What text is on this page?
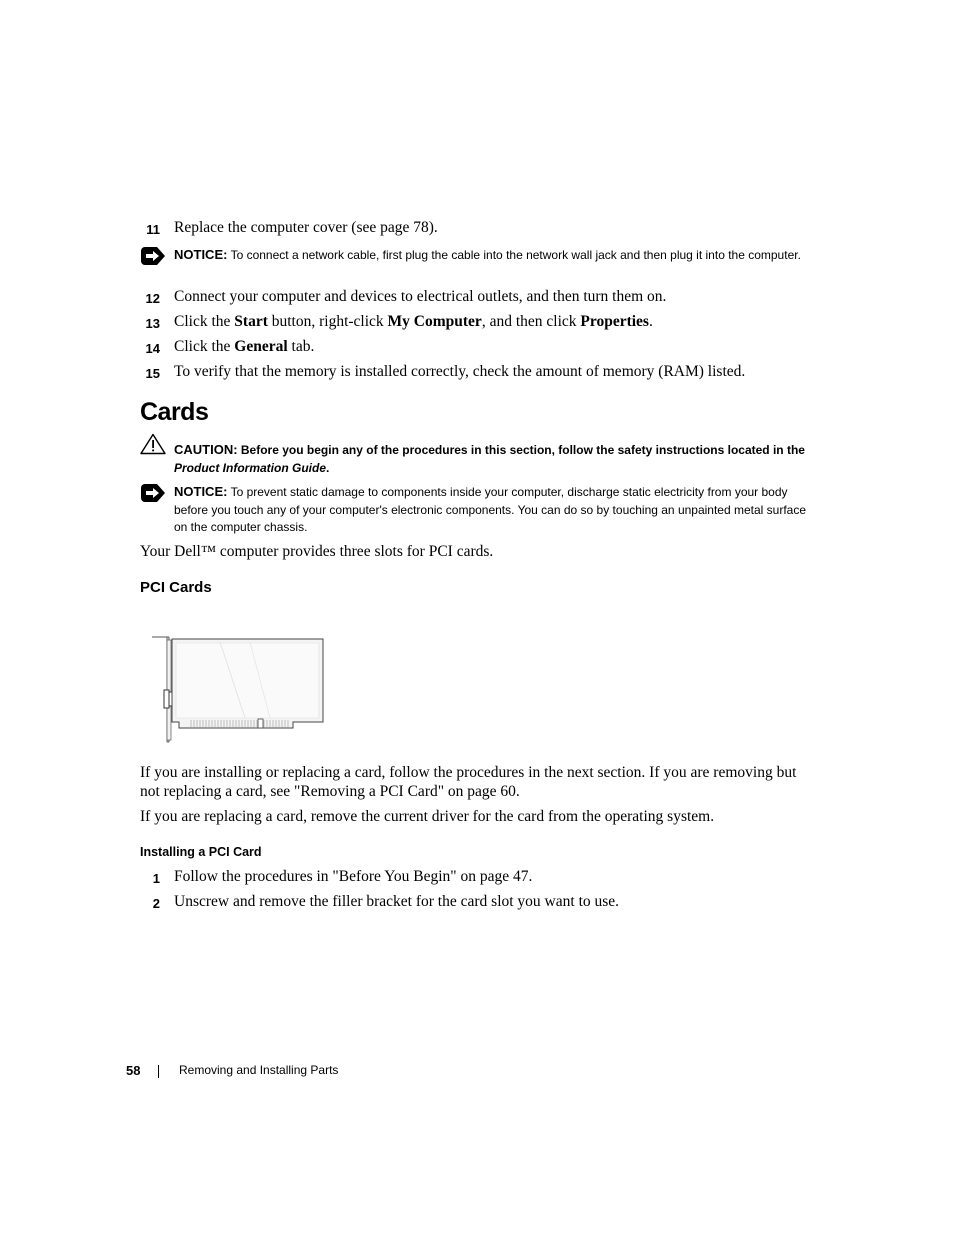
11 Replace the computer cover (see page 78).
NOTICE: To connect a network cable, first plug the cable into the network wall jack and then plug it into the computer.
12 Connect your computer and devices to electrical outlets, and then turn them on.
13 Click the Start button, right-click My Computer, and then click Properties.
14 Click the General tab.
15 To verify that the memory is installed correctly, check the amount of memory (RAM) listed.
Cards
CAUTION: Before you begin any of the procedures in this section, follow the safety instructions located in the Product Information Guide.
NOTICE: To prevent static damage to components inside your computer, discharge static electricity from your body before you touch any of your computer's electronic components. You can do so by touching an unpainted metal surface on the computer chassis.
Your Dell™ computer provides three slots for PCI cards.
PCI Cards
If you are installing or replacing a card, follow the procedures in the next section. If you are removing but not replacing a card, see "Removing a PCI Card" on page 60.
If you are replacing a card, remove the current driver for the card from the operating system.
Installing a PCI Card
1 Follow the procedures in "Before You Begin" on page 47.
2 Unscrew and remove the filler bracket for the card slot you want to use.
58	Removing and Installing Parts
